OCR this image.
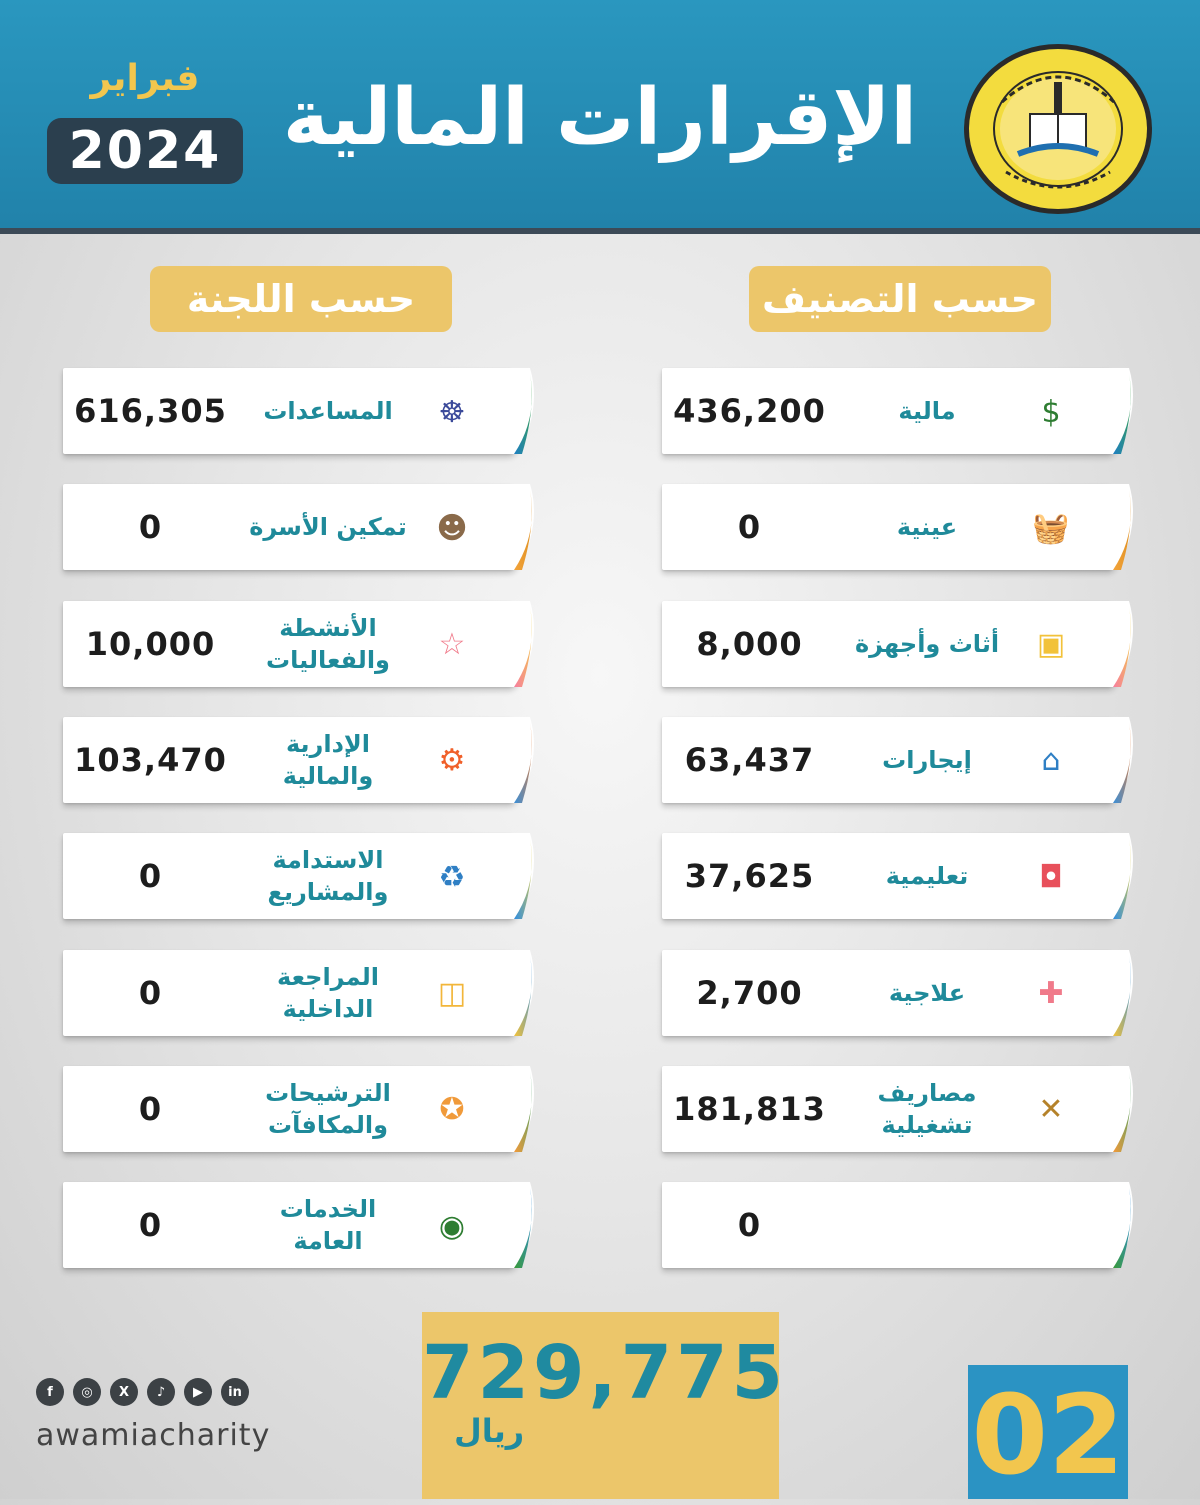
الإقرارات المالية
فبراير
2024
حسب التصنيف
حسب اللجنة
$
مالية
436,200
🧺
عينية
0
▣
أثاث وأجهزة
8,000
⌂
إيجارات
63,437
◘
تعليمية
37,625
✚
علاجية
2,700
✕
مصاريف تشغيلية
181,813
0
☸
المساعدات
616,305
☻
تمكين الأسرة
0
☆
الأنشطة والفعاليات
10,000
⚙
الإدارية والمالية
103,470
♻
الاستدامة والمشاريع
0
◫
المراجعة الداخلية
0
✪
الترشيحات والمكافآت
0
◉
الخدمات العامة
0
729,775
ريال	02
f	◎	X	♪	▶	in
awamiacharity
